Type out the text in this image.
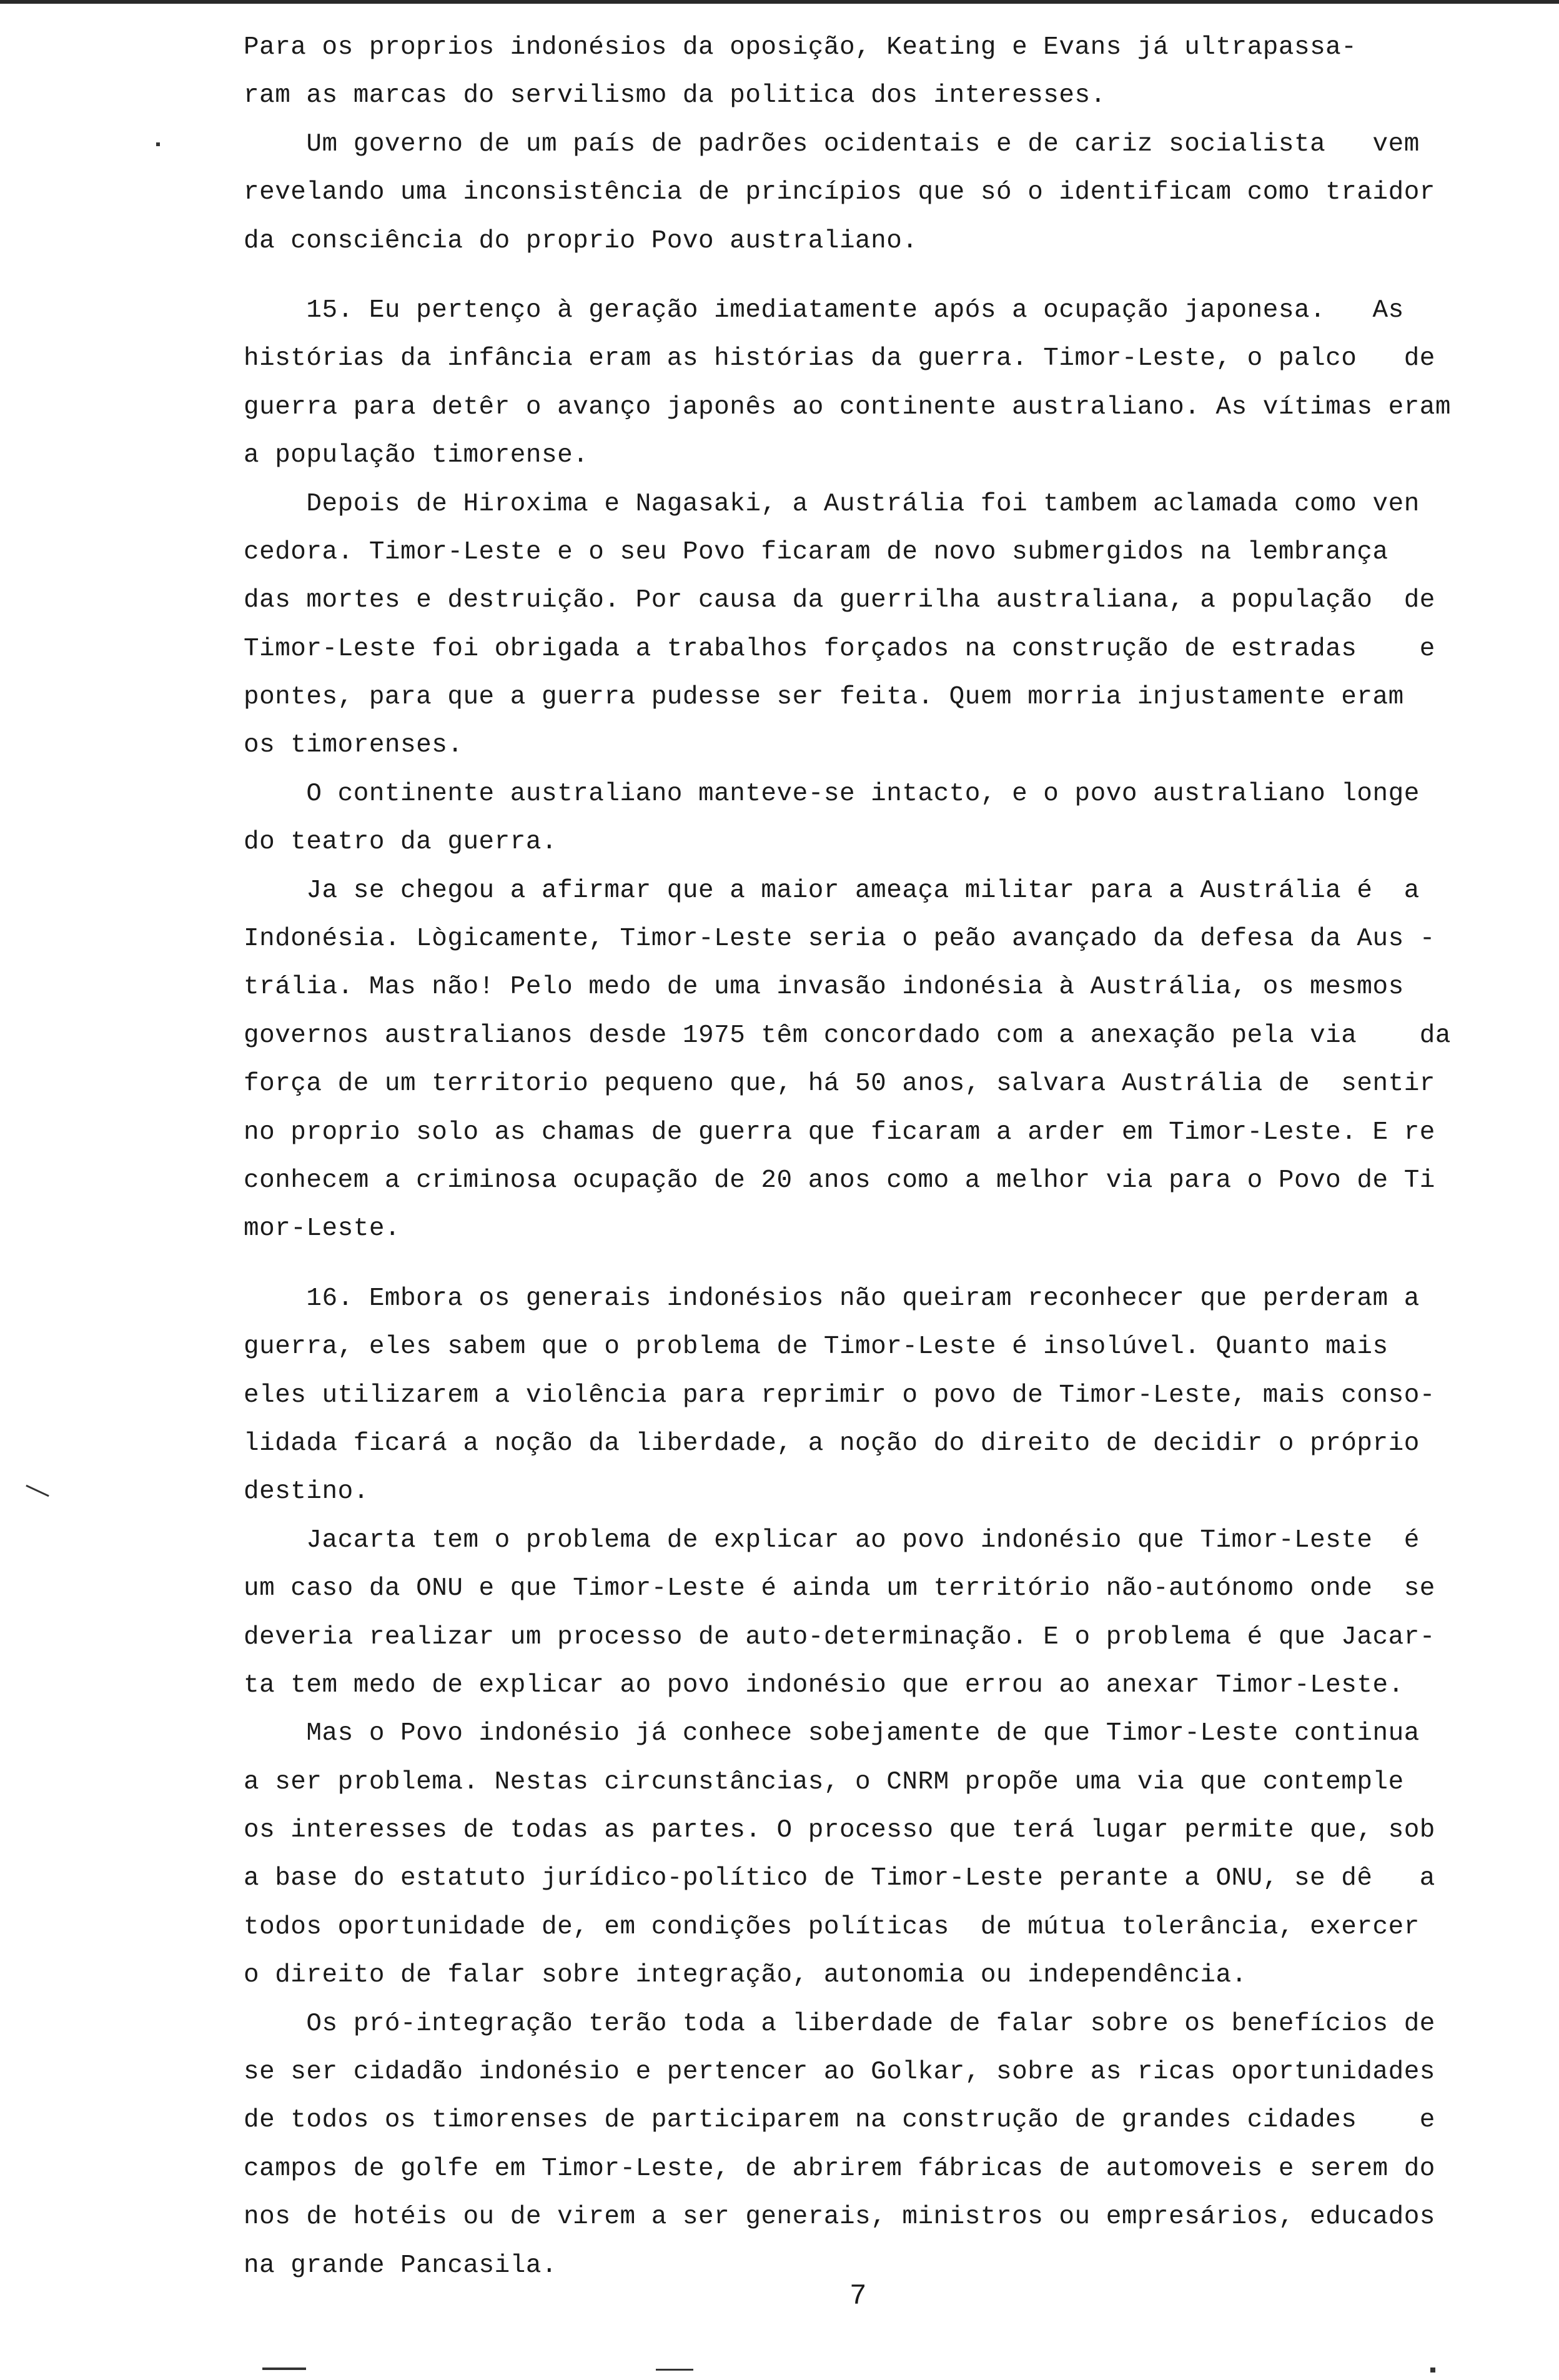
Para os proprios indonésios da oposição, Keating e Evans já ultrapassa-
ram as marcas do servilismo da politica dos interesses.
Um governo de um país de padrões ocidentais e de cariz socialista   vem
revelando uma inconsistência de princípios que só o identificam como traidor
da consciência do proprio Povo australiano.
15. Eu pertenço à geração imediatamente após a ocupação japonesa.   As
histórias da infância eram as histórias da guerra. Timor-Leste, o palco   de
guerra para detêr o avanço japonês ao continente australiano. As vítimas eram
a população timorense.
Depois de Hiroxima e Nagasaki, a Austrália foi tambem aclamada como ven
cedora. Timor-Leste e o seu Povo ficaram de novo submergidos na lembrança
das mortes e destruição. Por causa da guerrilha australiana, a população  de
Timor-Leste foi obrigada a trabalhos forçados na construção de estradas    e
pontes, para que a guerra pudesse ser feita. Quem morria injustamente eram
os timorenses.
O continente australiano manteve-se intacto, e o povo australiano longe
do teatro da guerra.
Ja se chegou a afirmar que a maior ameaça militar para a Austrália é  a
Indonésia. Lògicamente, Timor-Leste seria o peão avançado da defesa da Aus -
trália. Mas não! Pelo medo de uma invasão indonésia à Austrália, os mesmos
governos australianos desde 1975 têm concordado com a anexação pela via    da
força de um territorio pequeno que, há 50 anos, salvara Austrália de  sentir
no proprio solo as chamas de guerra que ficaram a arder em Timor-Leste. E re
conhecem a criminosa ocupação de 20 anos como a melhor via para o Povo de Ti
mor-Leste.
16. Embora os generais indonésios não queiram reconhecer que perderam a
guerra, eles sabem que o problema de Timor-Leste é insolúvel. Quanto mais
eles utilizarem a violência para reprimir o povo de Timor-Leste, mais conso-
lidada ficará a noção da liberdade, a noção do direito de decidir o próprio
destino.
Jacarta tem o problema de explicar ao povo indonésio que Timor-Leste  é
um caso da ONU e que Timor-Leste é ainda um território não-autónomo onde  se
deveria realizar um processo de auto-determinação. E o problema é que Jacar-
ta tem medo de explicar ao povo indonésio que errou ao anexar Timor-Leste.
Mas o Povo indonésio já conhece sobejamente de que Timor-Leste continua
a ser problema. Nestas circunstâncias, o CNRM propõe uma via que contemple
os interesses de todas as partes. O processo que terá lugar permite que, sob
a base do estatuto jurídico-político de Timor-Leste perante a ONU, se dê   a
todos oportunidade de, em condições políticas  de mútua tolerância, exercer
o direito de falar sobre integração, autonomia ou independência.
Os pró-integração terão toda a liberdade de falar sobre os benefícios de
se ser cidadão indonésio e pertencer ao Golkar, sobre as ricas oportunidades
de todos os timorenses de participarem na construção de grandes cidades    e
campos de golfe em Timor-Leste, de abrirem fábricas de automoveis e serem do
nos de hotéis ou de virem a ser generais, ministros ou empresários, educados
na grande Pancasila.
7
